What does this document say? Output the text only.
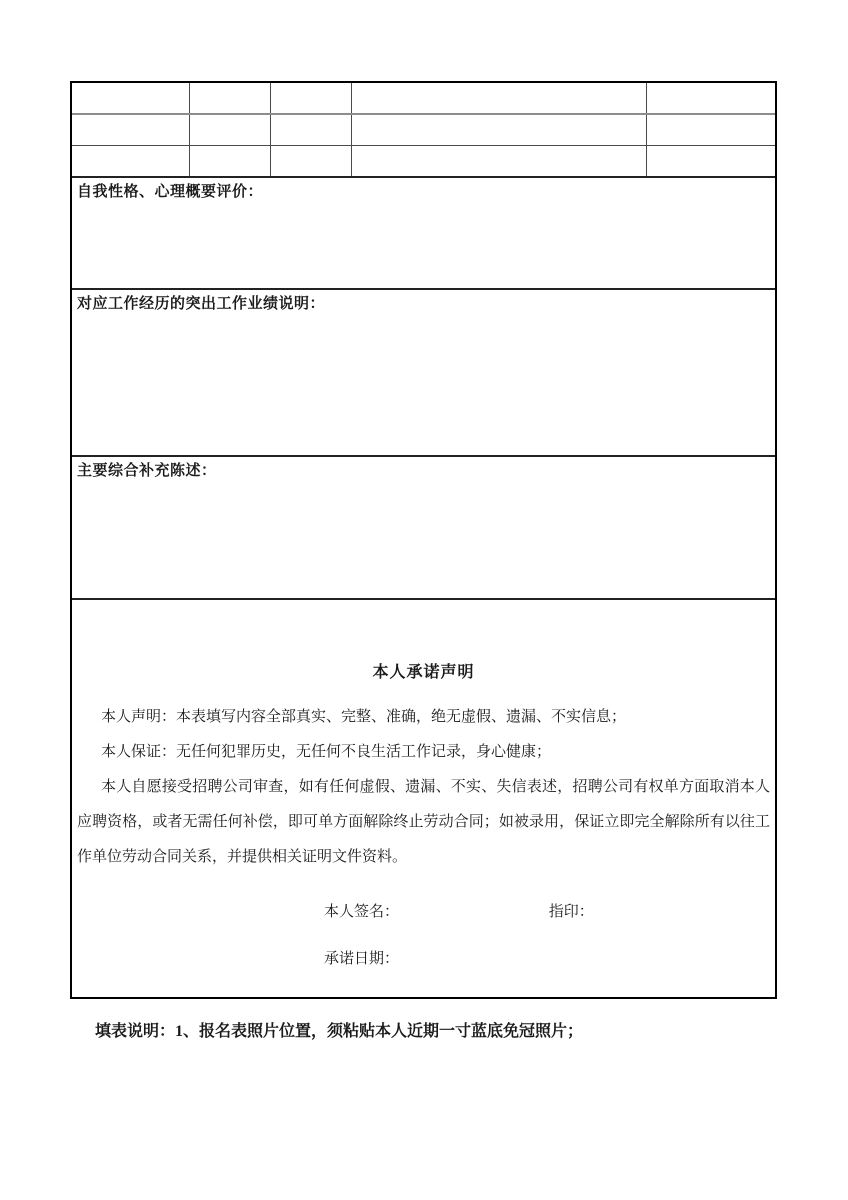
自我性格、心理概要评价：
对应工作经历的突出工作业绩说明：
主要综合补充陈述：
本人承诺声明

本人声明：本表填写内容全部真实、完整、准确，绝无虚假、遗漏、不实信息；

本人保证：无任何犯罪历史，无任何不良生活工作记录，身心健康；

本人自愿接受招聘公司审查，如有任何虚假、遗漏、不实、失信表述，招聘公司有权单方面取消本人应聘资格，或者无需任何补偿，即可单方面解除终止劳动合同；如被录用，保证立即完全解除所有以往工作单位劳动合同关系，并提供相关证明文件资料。

本人签名：	指印：
承诺日期：
填表说明：1、报名表照片位置，须粘贴本人近期一寸蓝底免冠照片；
